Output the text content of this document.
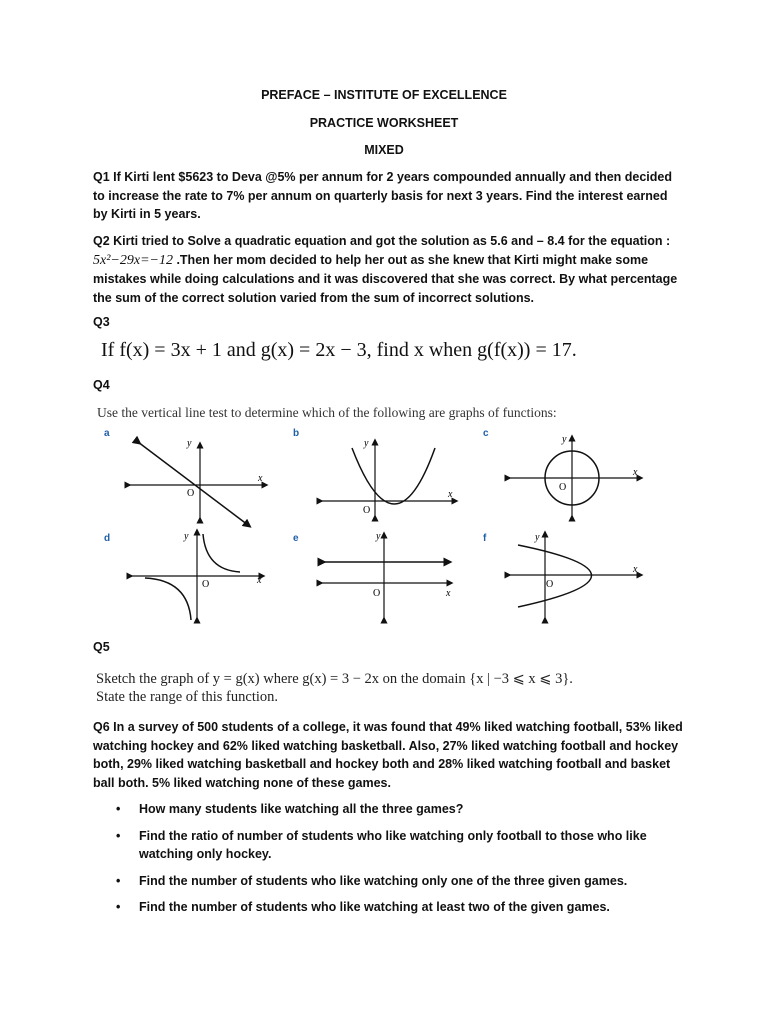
PREFACE – INSTITUTE OF EXCELLENCE
PRACTICE WORKSHEET
MIXED

Q1 If Kirti lent $5623 to Deva @5% per annum for 2 years compounded annually and then decided to increase the rate to 7% per annum on quarterly basis for next 3 years. Find the interest earned by Kirti in 5 years.

Q2 Kirti tried to Solve a quadratic equation and got the solution as 5.6 and – 8.4 for the equation : 5x²−29x=−12 .Then her mom decided to help her out as she knew that Kirti might make some mistakes while doing calculations and it was discovered that she was correct. By what percentage the sum of the correct solution varied from the sum of incorrect solutions.

Q3
If f(x) = 3x + 1 and g(x) = 2x − 3, find x when g(f(x)) = 17.
Q4
Use the vertical line test to determine which of the following are graphs of functions:
a
x
y
O
b
x
y
O
c
x
y
O
d
x
y
O
e
x
y
O
f
x
y
O
Q5
Sketch the graph of y = g(x) where g(x) = 3 − 2x on the domain {x | −3 ⩽ x ⩽ 3}.
State the range of this function.

Q6 In a survey of 500 students of a college, it was found that 49% liked watching football, 53% liked watching hockey and 62% liked watching basketball. Also, 27% liked watching football and hockey both, 29% liked watching basketball and hockey both and 28% liked watching football and basket ball both. 5% liked watching none of these games.

• How many students like watching all the three games?
• Find the ratio of number of students who like watching only football to those who like watching only hockey.
• Find the number of students who like watching only one of the three given games.
• Find the number of students who like watching at least two of the given games.
